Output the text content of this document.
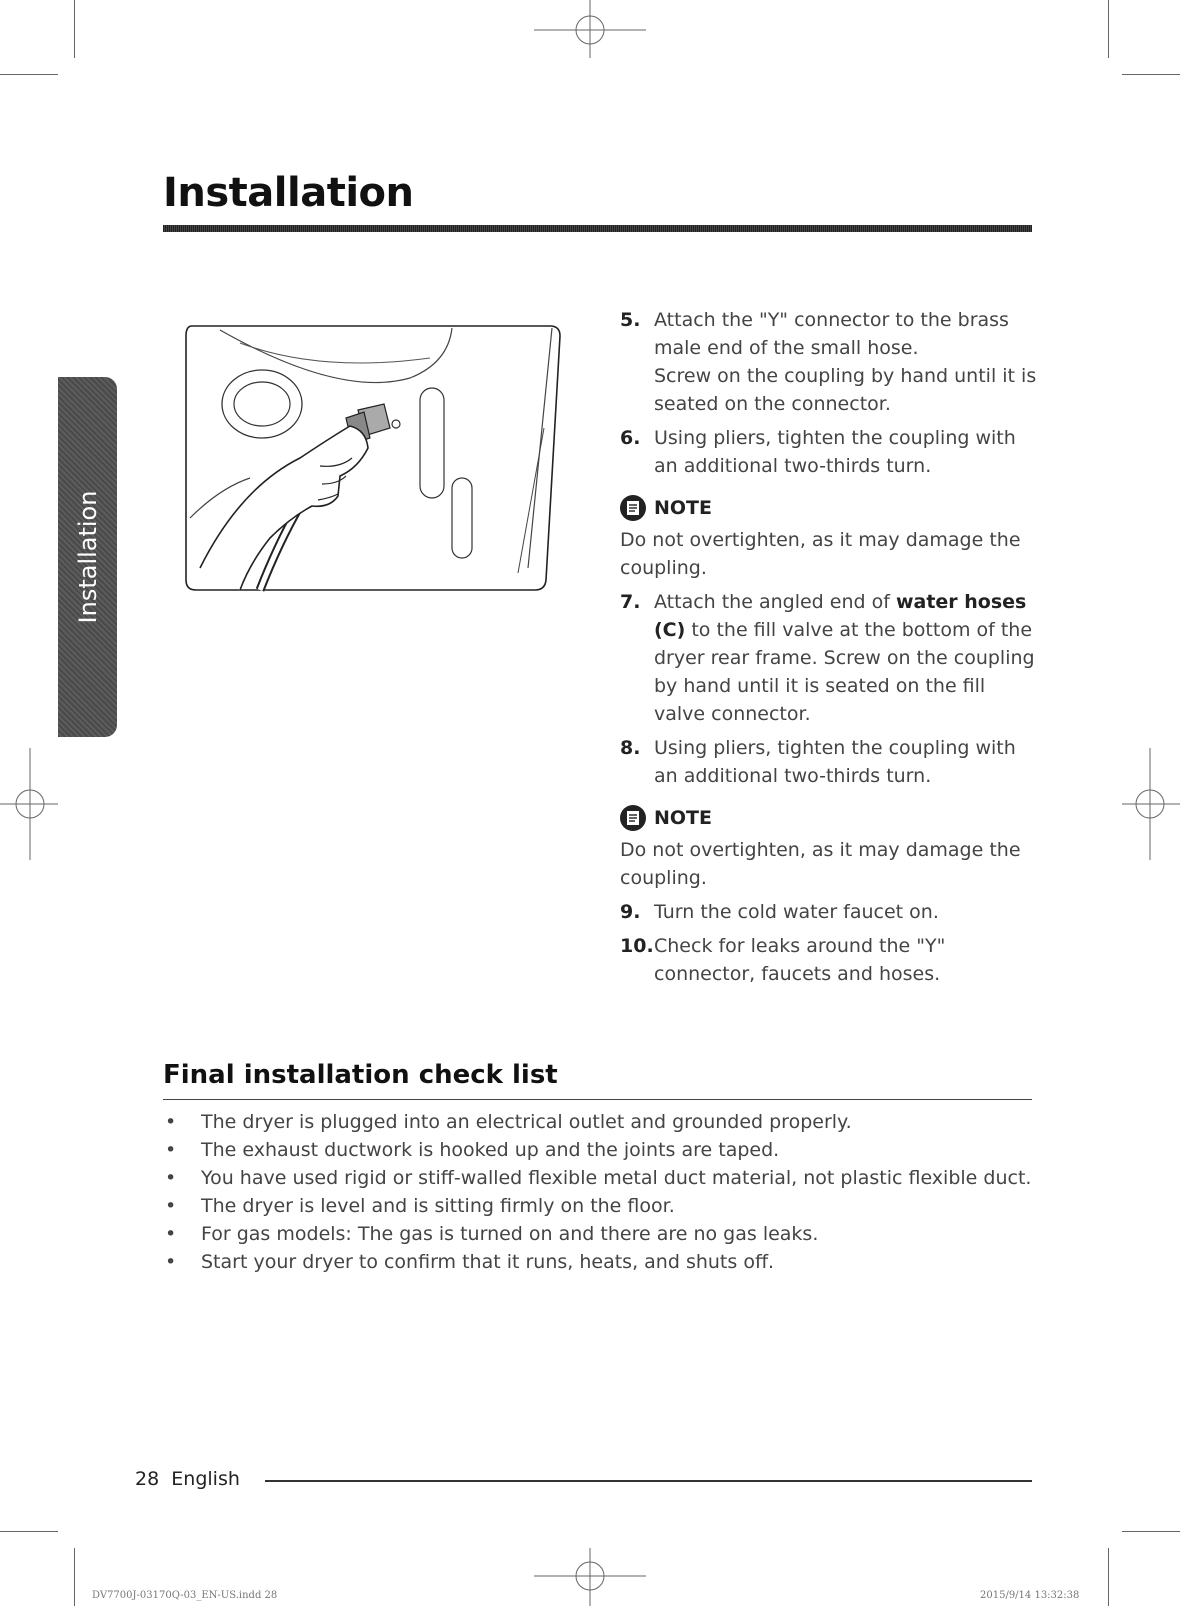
Installation
Installation
5. Attach the "Y" connector to the brass male end of the small hose.
Screw on the coupling by hand until it is seated on the connector.
6. Using pliers, tighten the coupling with an additional two-thirds turn.
NOTE
Do not overtighten, as it may damage the coupling.
7. Attach the angled end of water hoses (C) to the fill valve at the bottom of the dryer rear frame. Screw on the coupling by hand until it is seated on the fill valve connector.
8. Using pliers, tighten the coupling with an additional two-thirds turn.
NOTE
Do not overtighten, as it may damage the coupling.
9. Turn the cold water faucet on.
10. Check for leaks around the "Y" connector, faucets and hoses.
Final installation check list
•	The dryer is plugged into an electrical outlet and grounded properly.
•	The exhaust ductwork is hooked up and the joints are taped.
•	You have used rigid or stiff-walled flexible metal duct material, not plastic flexible duct.
•	The dryer is level and is sitting firmly on the floor.
•	For gas models: The gas is turned on and there are no gas leaks.
•	Start your dryer to confirm that it runs, heats, and shuts off.
28 English
DV7700J-03170Q-03_EN-US.indd 28	2015/9/14 13:32:38
